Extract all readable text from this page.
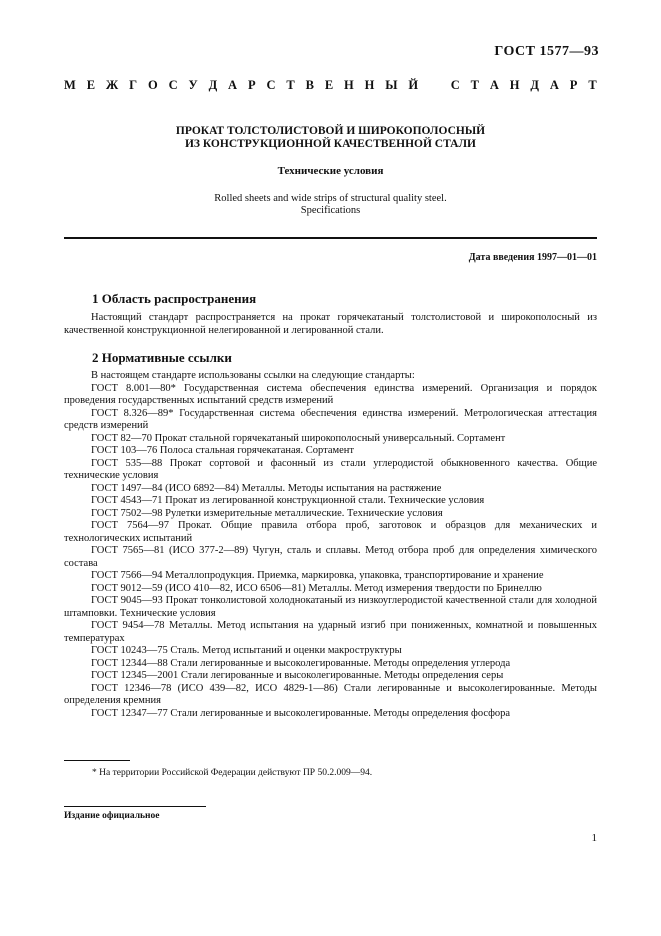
ГОСТ 1577—93
М Е Ж Г О С У Д А Р С Т В Е Н Н Ы Й	С Т А Н Д А Р Т
ПРОКАТ ТОЛСТОЛИСТОВОЙ И ШИРОКОПОЛОСНЫЙ
ИЗ КОНСТРУКЦИОННОЙ КАЧЕСТВЕННОЙ СТАЛИ
Технические условия
Rolled sheets and wide strips of structural quality steel.
Specifications
Дата введения 1997—01—01
1 Область распространения

Настоящий стандарт распространяется на прокат горячекатаный толстолистовой и широкополосный из качественной конструкционной нелегированной и легированной стали.

2 Нормативные ссылки

В настоящем стандарте использованы ссылки на следующие стандарты:

ГОСТ 8.001—80* Государственная система обеспечения единства измерений. Организация и порядок проведения государственных испытаний средств измерений

ГОСТ 8.326—89* Государственная система обеспечения единства измерений. Метрологическая аттестация средств измерений

ГОСТ 82—70 Прокат стальной горячекатаный широкополосный универсальный. Сортамент

ГОСТ 103—76 Полоса стальная горячекатаная. Сортамент

ГОСТ 535—88 Прокат сортовой и фасонный из стали углеродистой обыкновенного качества. Общие технические условия

ГОСТ 1497—84 (ИСО 6892—84) Металлы. Методы испытания на растяжение

ГОСТ 4543—71 Прокат из легированной конструкционной стали. Технические условия

ГОСТ 7502—98 Рулетки измерительные металлические. Технические условия

ГОСТ 7564—97 Прокат. Общие правила отбора проб, заготовок и образцов для механических и технологических испытаний

ГОСТ 7565—81 (ИСО 377-2—89) Чугун, сталь и сплавы. Метод отбора проб для определения химического состава

ГОСТ 7566—94 Металлопродукция. Приемка, маркировка, упаковка, транспортирование и хранение

ГОСТ 9012—59 (ИСО 410—82, ИСО 6506—81) Металлы. Метод измерения твердости по Бринеллю

ГОСТ 9045—93 Прокат тонколистовой холоднокатаный из низкоуглеродистой качественной стали для холодной штамповки. Технические условия

ГОСТ 9454—78 Металлы. Метод испытания на ударный изгиб при пониженных, комнатной и повышенных температурах

ГОСТ 10243—75 Сталь. Метод испытаний и оценки макроструктуры

ГОСТ 12344—88 Стали легированные и высоколегированные. Методы определения углерода

ГОСТ 12345—2001 Стали легированные и высоколегированные. Методы определения серы

ГОСТ 12346—78 (ИСО 439—82, ИСО 4829-1—86) Стали легированные и высоколегированные. Методы определения кремния

ГОСТ 12347—77 Стали легированные и высоколегированные. Методы определения фосфора

* На территории Российской Федерации действуют ПР 50.2.009—94.
Издание официальное
1
